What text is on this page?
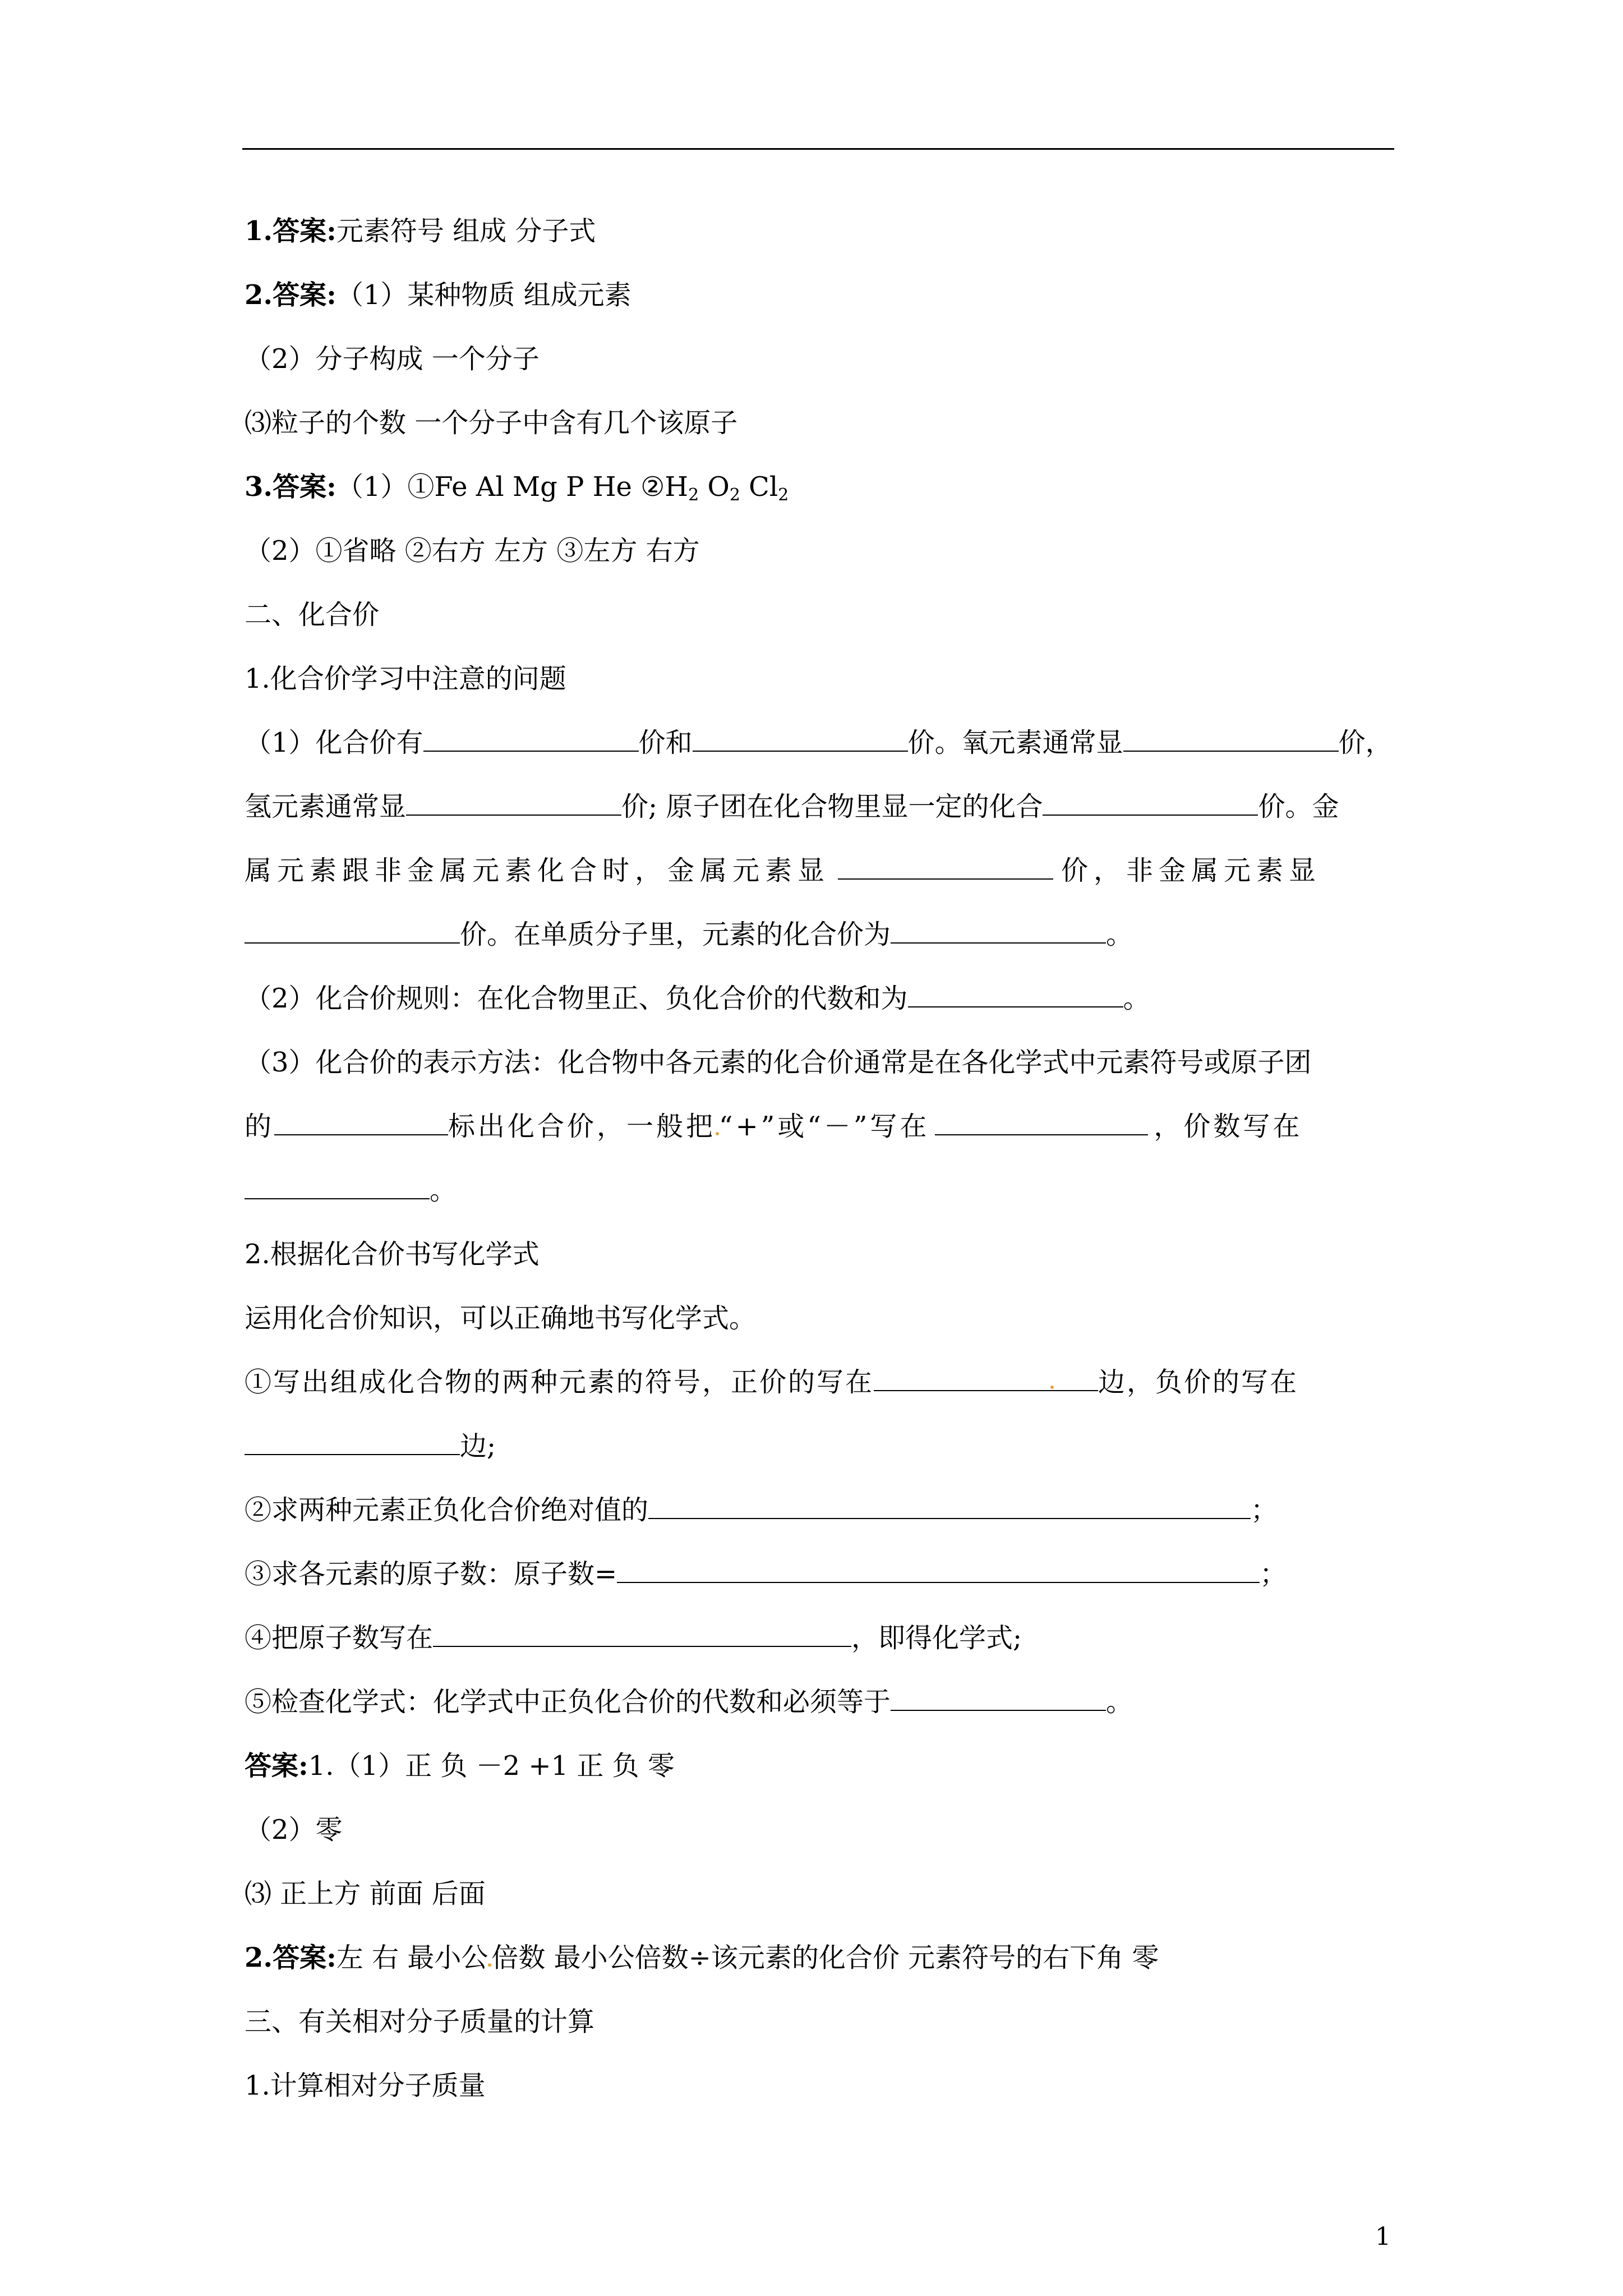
1.答案:元素符号 组成 分子式
2.答案:（1）某种物质 组成元素
（2）分子构成 一个分子
⑶粒子的个数 一个分子中含有几个该原子
3.答案:（1）①Fe Al Mg P He $②H_2$ $O_2$ $Cl_2$
（2）①省略 ②右方 左方 ③左方 右方
二、化合价
1.化合价学习中注意的问题
（1）化合价有	价和	价。氧元素通常显	价，
氢元素通常显	价; 原子团在化合物里显一定的化合	价。金
属元素跟非金属元素化合时，金属元素显	价，非金属元素显
价。在单质分子里，元素的化合价为	。
（2）化合价规则：在化合物里正、负化合价的代数和为	。
（3）化合价的表示方法：化合物中各元素的化合价通常是在各化学式中元素符号或原子团
的	标出化合价，一般把 “+”或“－”写在	，价数写在
。
2.根据化合价书写化学式
运用化合价知识，可以正确地书写化学式。
①写出组成化合物的两种元素的符号，正价的写在	边，负价的写在
边;
②求两种元素正负化合价绝对值的	；
③求各元素的原子数：原子数=	；
④把原子数写在	，即得化学式;
⑤检查化学式：化学式中正负化合价的代数和必须等于	。
答案:1.（1）正 负 －2 +1 正 负 零
（2）零
⑶ 正上方 前面 后面
2.答案:左 右 最小公 倍数 最小公倍数÷该元素的化合价 元素符号的右下角 零
三、有关相对分子质量的计算
1.计算相对分子质量
1
